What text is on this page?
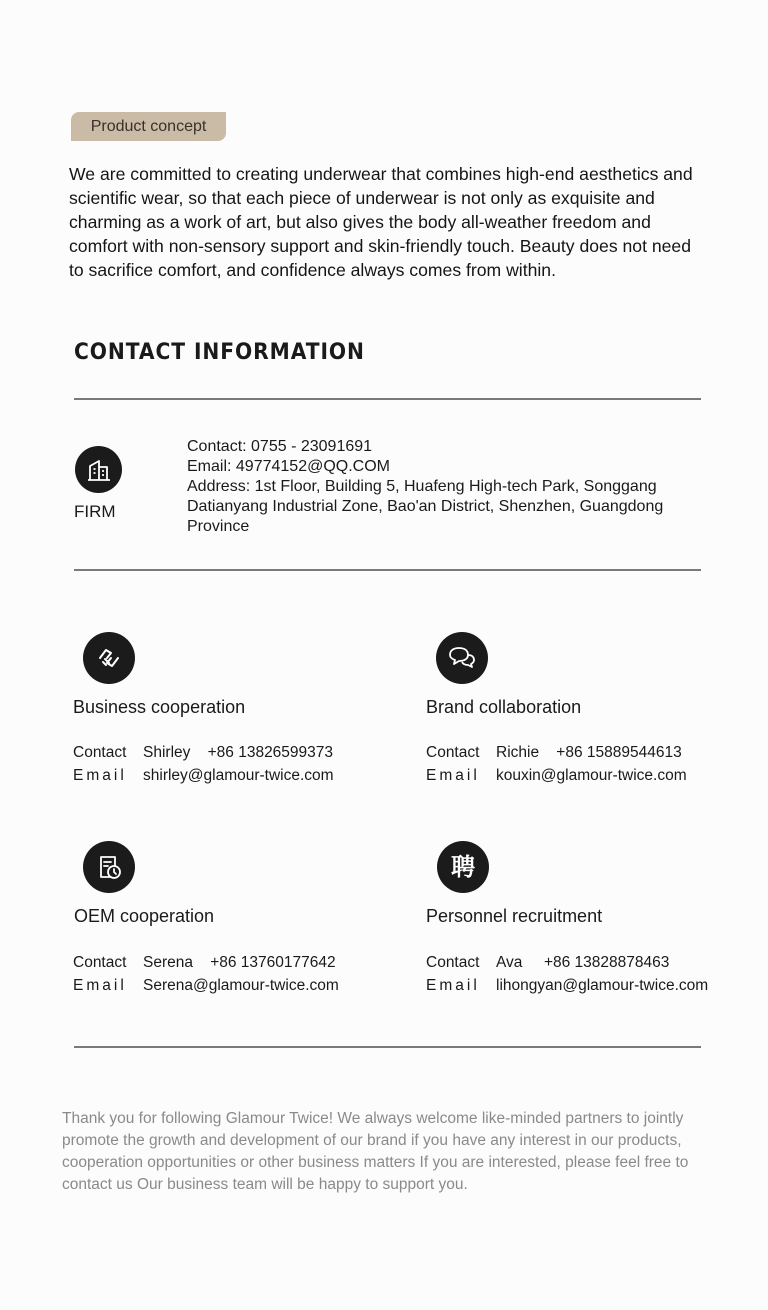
Product concept

We are committed to creating underwear that combines high-end aesthetics and scientific wear, so that each piece of underwear is not only as exquisite and charming as a work of art, but also gives the body all-weather freedom and comfort with non-sensory support and skin-friendly touch. Beauty does not need to sacrifice comfort, and confidence always comes from within.

CONTACT INFORMATION
FIRM
Contact: 0755 - 23091691
Email: 49774152@QQ.COM
Address: 1st Floor, Building 5, Huafeng High-tech Park, Songgang Datianyang Industrial Zone, Bao'an District, Shenzhen, Guangdong Province
Business cooperation
Contact Shirley    +86 13826599373
Email shirley@glamour-twice.com
Brand collaboration
Contact Richie    +86 15889544613
Email kouxin@glamour-twice.com
OEM cooperation
Contact Serena    +86 13760177642
Email Serena@glamour-twice.com
聘
Personnel recruitment
Contact Ava     +86 13828878463
Email lihongyan@glamour-twice.com

Thank you for following Glamour Twice! We always welcome like-minded partners to jointly promote the growth and development of our brand if you have any interest in our products, cooperation opportunities or other business matters If you are interested, please feel free to contact us Our business team will be happy to support you.
